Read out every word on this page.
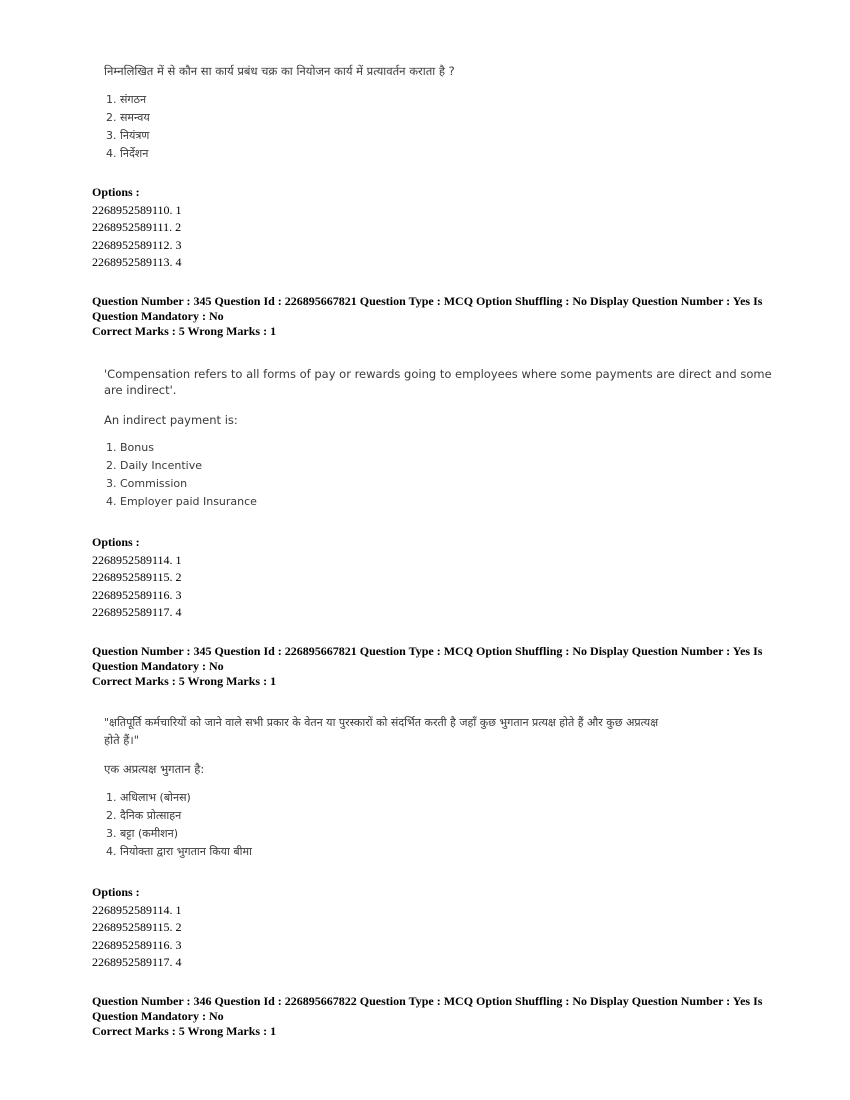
निम्नलिखित में से कौन सा कार्य प्रबंध चक्र का नियोजन कार्य में प्रत्यावर्तन कराता है ?
1. संगठन
2. समन्वय
3. नियंत्रण
4. निर्देशन
Options :
2268952589110. 1
2268952589111. 2
2268952589112. 3
2268952589113. 4
Question Number : 345 Question Id : 226895667821 Question Type : MCQ Option Shuffling : No Display Question Number : Yes Is
Question Mandatory : No
Correct Marks : 5 Wrong Marks : 1
'Compensation refers to all forms of pay or rewards going to employees where some payments are direct and some
are indirect'.
An indirect payment is:
1. Bonus
2. Daily Incentive
3. Commission
4. Employer paid Insurance
Options :
2268952589114. 1
2268952589115. 2
2268952589116. 3
2268952589117. 4
Question Number : 345 Question Id : 226895667821 Question Type : MCQ Option Shuffling : No Display Question Number : Yes Is
Question Mandatory : No
Correct Marks : 5 Wrong Marks : 1
"क्षतिपूर्ति कर्मचारियों को जाने वाले सभी प्रकार के वेतन या पुरस्कारों को संदर्भित करती है जहाँ कुछ भुगतान प्रत्यक्ष होते हैं और कुछ अप्रत्यक्ष
होते हैं।"
एक अप्रत्यक्ष भुगतान है:
1. अधिलाभ (बोनस)
2. दैनिक प्रोत्साहन
3. बट्टा (कमीशन)
4. नियोक्ता द्वारा भुगतान किया बीमा
Options :
2268952589114. 1
2268952589115. 2
2268952589116. 3
2268952589117. 4
Question Number : 346 Question Id : 226895667822 Question Type : MCQ Option Shuffling : No Display Question Number : Yes Is
Question Mandatory : No
Correct Marks : 5 Wrong Marks : 1
